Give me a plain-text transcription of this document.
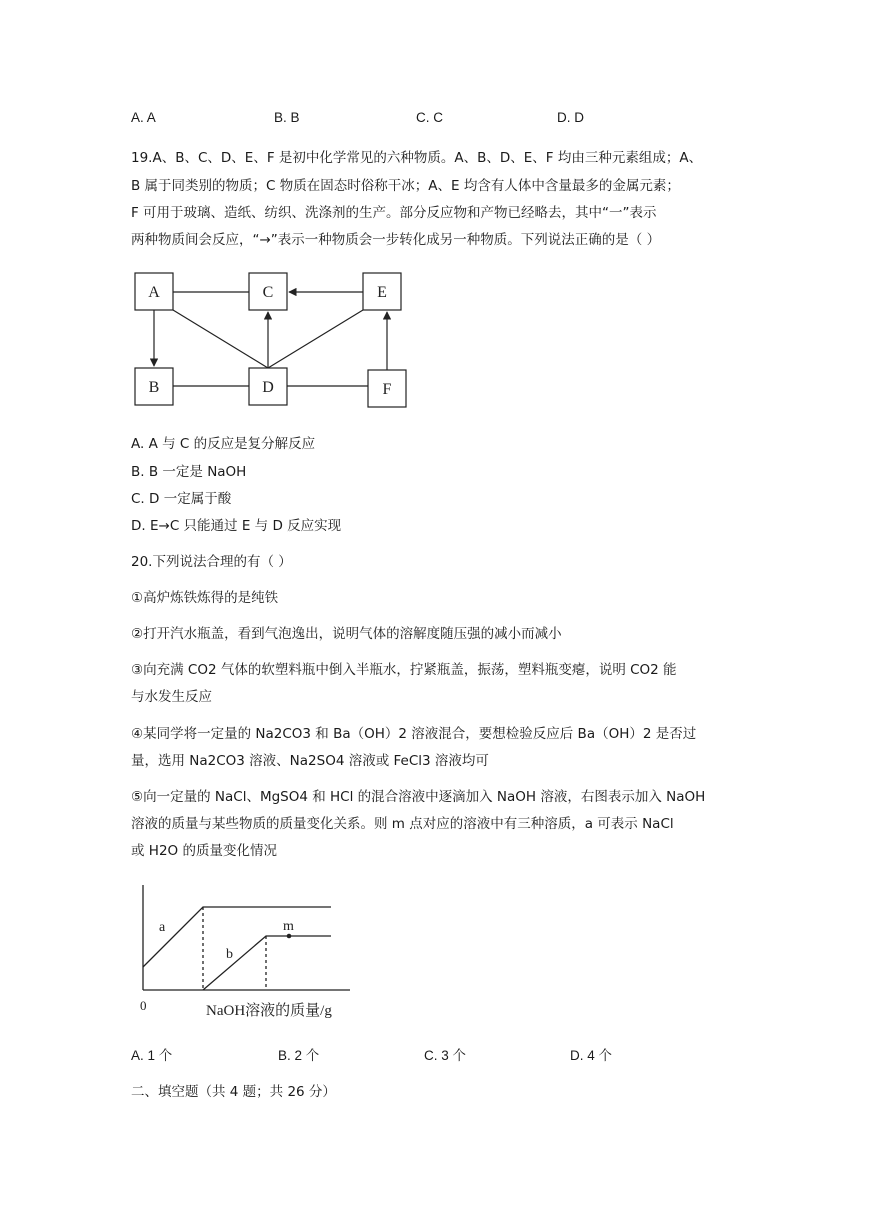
A. A	B. B	C. C	D. D
19.A、B、C、D、E、F 是初中化学常见的六种物质。A、B、D、E、F 均由三种元素组成；A、
B 属于同类别的物质；C 物质在固态时俗称干冰；A、E 均含有人体中含量最多的金属元素；
F 可用于玻璃、造纸、纺织、洗涤剂的生产。部分反应物和产物已经略去，其中“一”表示
两种物质间会反应，“→”表示一种物质会一步转化成另一种物质。下列说法正确的是（ ）
A	C	E
B	D	F
A. A 与 C 的反应是复分解反应
B. B 一定是 NaOH
C. D 一定属于酸
D. E→C 只能通过 E 与 D 反应实现
20.下列说法合理的有（ ）
①高炉炼铁炼得的是纯铁
②打开汽水瓶盖，看到气泡逸出，说明气体的溶解度随压强的减小而减小
③向充满 CO2 气体的软塑料瓶中倒入半瓶水，拧紧瓶盖，振荡，塑料瓶变瘪，说明 CO2 能
与水发生反应
④某同学将一定量的 Na2CO3 和 Ba（OH）2 溶液混合，要想检验反应后 Ba（OH）2 是否过
量，选用 Na2CO3 溶液、Na2SO4 溶液或 FeCl3 溶液均可
⑤向一定量的 NaCl、MgSO4 和 HCl 的混合溶液中逐滴加入 NaOH 溶液，右图表示加入 NaOH
溶液的质量与某些物质的质量变化关系。则 m 点对应的溶液中有三种溶质，a 可表示 NaCl
或 H2O 的质量变化情况
a
b
m
0	NaOH溶液的质量/g
A. 1 个	B. 2 个	C. 3 个	D. 4 个
二、填空题（共 4 题；共 26 分）
